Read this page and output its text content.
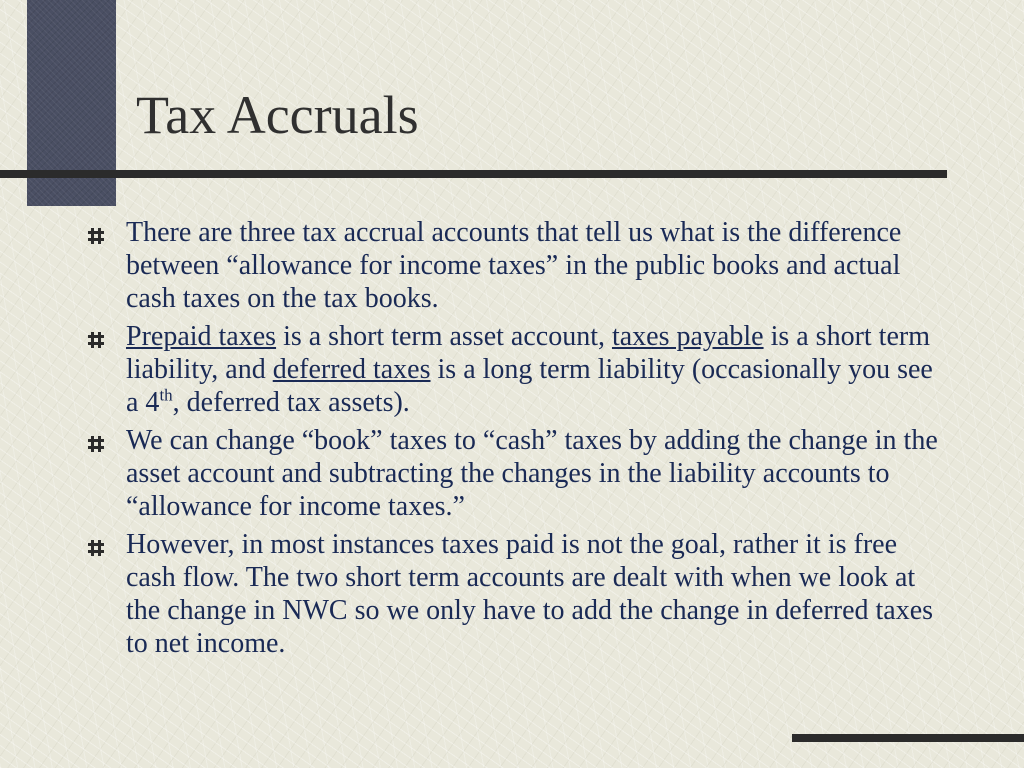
Tax Accruals
There are three tax accrual accounts that tell us what is the difference between “allowance for income taxes” in the public books and actual cash taxes on the tax books.
Prepaid taxes is a short term asset account, taxes payable is a short term liability, and deferred taxes is a long term liability (occasionally you see a 4th, deferred tax assets).
We can change “book” taxes to “cash” taxes by adding the change in the asset account and subtracting the changes in the liability accounts to “allowance for income taxes.”
However, in most instances taxes paid is not the goal, rather it is free cash flow. The two short term accounts are dealt with when we look at the change in NWC so we only have to add the change in deferred taxes to net income.
